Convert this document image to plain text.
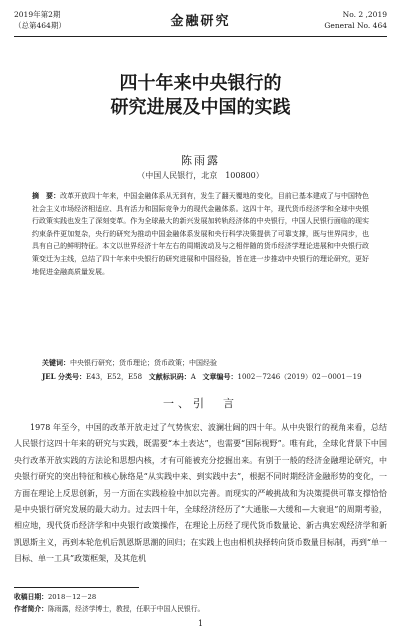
2019年第2期
（总第464期）	金融研究	No. 2 ,2019
General No. 464
四十年来中央银行的
研究进展及中国的实践
陈雨露
（中国人民银行，北京　100800）
摘　要：改革开放四十年来，中国金融体系从无到有，发生了翻天覆地的变化，目前已基本建成了与中国特色社会主义市场经济相适应、具有活力和国际竞争力的现代金融体系。这四十年，现代货币经济学和全球中央银行政策实践也发生了深刻变革。作为全球最大的新兴发展加转轨经济体的中央银行，中国人民银行面临的现实约束条件更加复杂，央行的研究为推动中国金融体系发展和央行科学决策提供了可靠支撑，既与世界同步，也具有自己的鲜明特征。本文以世界经济十年左右的周期波动及与之相伴随的货币经济学理论进展和中央银行政策变迁为主线，总结了四十年来中央银行的研究进展和中国经验，旨在进一步推动中央银行的理论研究，更好地促进金融高质量发展。
关键词：中央银行研究；货币理论；货币政策；中国经验
JEL 分类号：E43，E52，E58 文献标识码：A 文章编号：1002－7246（2019）02－0001－19
一、引　言
1978 年至今，中国的改革开放走过了气势恢宏、波澜壮阔的四十年。从中央银行的视角来看，总结人民银行这四十年来的研究与实践，既需要“本土表达”，也需要“国际视野”。唯有此，全球化背景下中国央行改革开放实践的方法论和思想内核，才有可能被充分挖掘出来。有别于一般的经济金融理论研究，中央银行研究的突出特征和核心脉络是“从实践中来、到实践中去”，根据不同时期经济金融形势的变化，一方面在理论上反思创新，另一方面在实践检验中加以完善。而现实的严峻挑战和为决策提供可靠支撑恰恰是中央银行研究发展的最大动力。过去四十年，全球经济经历了“大通胀—大缓和—大衰退”的周期考验，相应地，现代货币经济学和中央银行政策操作，在理论上历经了现代货币数量论、新古典宏观经济学和新凯恩斯主义，再到本轮危机后凯恩斯思潮的回归；在实践上也由相机抉择转向货币数量目标制，再到“单一目标、单一工具”政策框架，及其危机
收稿日期：2018－12－28
作者简介：陈雨露，经济学博士，教授，任职于中国人民银行。
1
